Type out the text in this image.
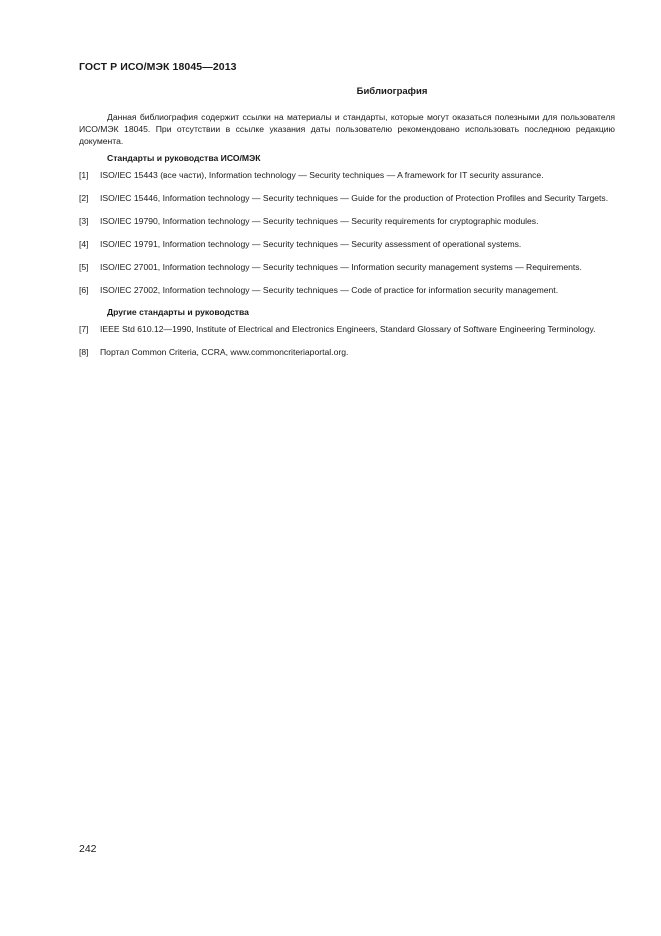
ГОСТ Р ИСО/МЭК 18045—2013
Библиография

Данная библиография содержит ссылки на материалы и стандарты, которые могут оказаться полезными для пользователя ИСО/МЭК 18045. При отсутствии в ссылке указания даты пользователю рекомендовано использовать последнюю редакцию документа.

Стандарты и руководства ИСО/МЭК
[1]	ISO/IEC 15443 (все части), Information technology — Security techniques — A framework for IT security assurance.
[2]	ISO/IEC 15446, Information technology — Security techniques — Guide for the production of Protection Profiles and Security Targets.
[3]	ISO/IEC 19790, Information technology — Security techniques — Security requirements for cryptographic modules.
[4]	ISO/IEC 19791, Information technology — Security techniques — Security assessment of operational systems.
[5]	ISO/IEC 27001, Information technology — Security techniques — Information security management systems — Requirements.
[6]	ISO/IEC 27002, Information technology — Security techniques — Code of practice for information security management.
Другие стандарты и руководства
[7]	IEEE Std 610.12—1990, Institute of Electrical and Electronics Engineers, Standard Glossary of Software Engineering Terminology.
[8]	Портал Common Criteria, CCRA, www.commoncriteriaportal.org.
242
